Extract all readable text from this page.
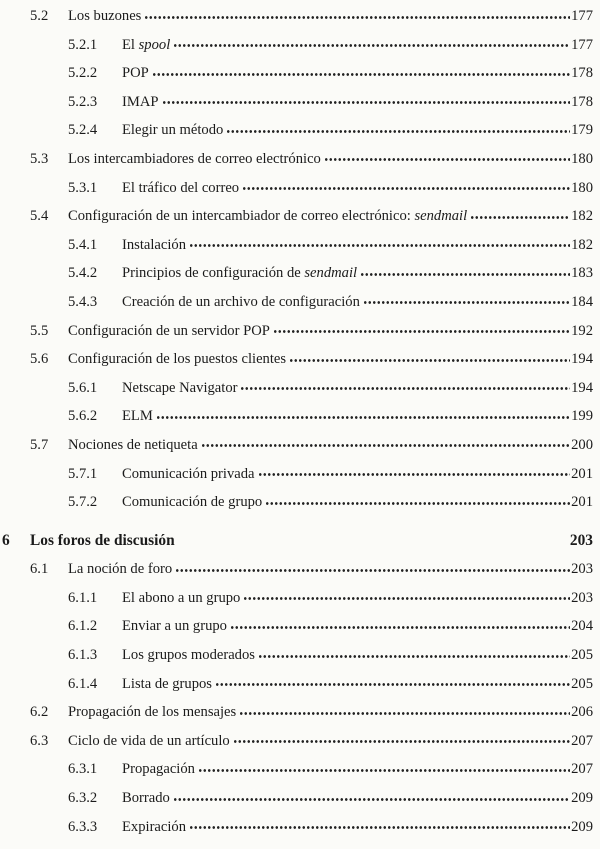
5.2	Los buzones	177
5.2.1	El spool	177
5.2.2	POP	178
5.2.3	IMAP	178
5.2.4	Elegir un método	179
5.3	Los intercambiadores de correo electrónico	180
5.3.1	El tráfico del correo	180
5.4	Configuración de un intercambiador de correo electrónico: sendmail	182
5.4.1	Instalación	182
5.4.2	Principios de configuración de sendmail	183
5.4.3	Creación de un archivo de configuración	184
5.5	Configuración de un servidor POP	192
5.6	Configuración de los puestos clientes	194
5.6.1	Netscape Navigator	194
5.6.2	ELM	199
5.7	Nociones de netiqueta	200
5.7.1	Comunicación privada	201
5.7.2	Comunicación de grupo	201
6	Los foros de discusión	203
6.1	La noción de foro	203
6.1.1	El abono a un grupo	203
6.1.2	Enviar a un grupo	204
6.1.3	Los grupos moderados	205
6.1.4	Lista de grupos	205
6.2	Propagación de los mensajes	206
6.3	Ciclo de vida de un artículo	207
6.3.1	Propagación	207
6.3.2	Borrado	209
6.3.3	Expiración	209
